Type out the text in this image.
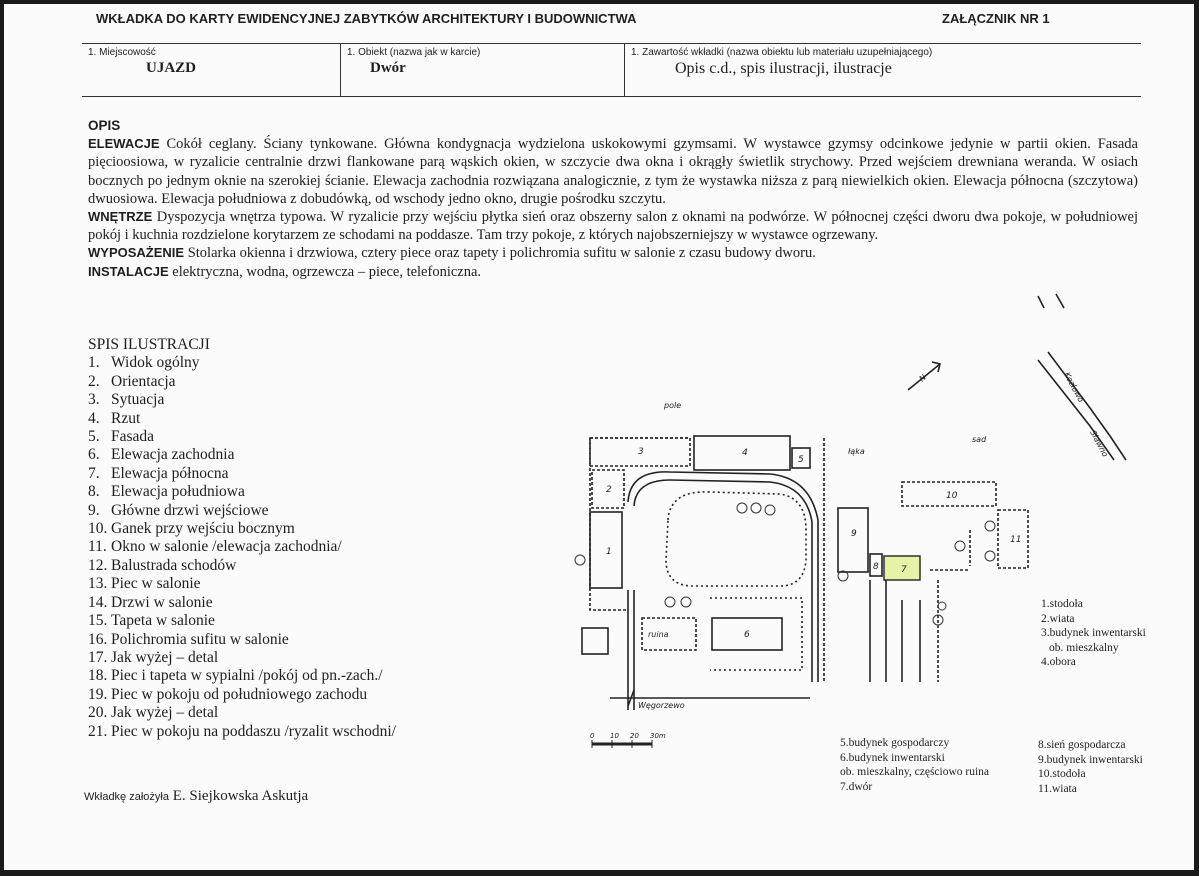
WKŁADKA DO KARTY EWIDENCYJNEJ ZABYTKÓW ARCHITEKTURY I BUDOWNICTWA	ZAŁĄCZNIK NR 1
1. Miejscowość
UJAZD
1. Obiekt (nazwa jak w karcie)
Dwór
1. Zawartość wkładki (nazwa obiektu lub materiału uzupełniającego)
Opis c.d., spis ilustracji, ilustracje
OPIS

ELEWACJE Cokół ceglany. Ściany tynkowane. Główna kondygnacja wydzielona uskokowymi gzymsami. W wystawce gzymsy odcinkowe jedynie w partii okien. Fasada pięcioosiowa, w ryzalicie centralnie drzwi flankowane parą wąskich okien, w szczycie dwa okna i okrągły świetlik strychowy. Przed wejściem drewniana weranda. W osiach bocznych po jednym oknie na szerokiej ścianie. Elewacja zachodnia rozwiązana analogicznie, z tym że wystawka niższa z parą niewielkich okien. Elewacja północna (szczytowa) dwuosiowa. Elewacja południowa z dobudówką, od wschody jedno okno, drugie pośrodku szczytu.

WNĘTRZE Dyspozycja wnętrza typowa. W ryzalicie przy wejściu płytka sień oraz obszerny salon z oknami na podwórze. W północnej części dworu dwa pokoje, w południowej pokój i kuchnia rozdzielone korytarzem ze schodami na poddasze. Tam trzy pokoje, z których najobszerniejszy w wystawce ogrzewany.

WYPOSAŻENIE Stolarka okienna i drzwiowa, cztery piece oraz tapety i polichromia sufitu w salonie z czasu budowy dworu.

INSTALACJE elektryczna, wodna, ogrzewcza – piece, telefoniczna.

SPIS ILUSTRACJI
1. Widok ogólny
2. Orientacja
3. Sytuacja
4. Rzut
5. Fasada
6. Elewacja zachodnia
7. Elewacja północna
8. Elewacja południowa
9. Główne drzwi wejściowe
10. Ganek przy wejściu bocznym
11. Okno w salonie /elewacja zachodnia/
12. Balustrada schodów
13. Piec w salonie
14. Drzwi w salonie
15. Tapeta w salonie
16. Polichromia sufitu w salonie
17. Jak wyżej – detal
18. Piec i tapeta w sypialni /pokój od pn.-zach./
19. Piec w pokoju od południowego zachodu
20. Jak wyżej – detal
21. Piec w pokoju na poddaszu /ryzalit wschodni/
Wkładkę założyła E. Siejkowska Askutja
pole
łąka
sad
Kozłowo
Sławno
Węgorzewo
ruina
N
1
2
3	4
5
6
7
8
9
10
11
0 10 20 30m
1.stodoła
2.wiata
3.budynek inwentarski
ob. mieszkalny
4.obora
5.budynek gospodarczy
6.budynek inwentarski
ob. mieszkalny, częściowo ruina
7.dwór
8.sień gospodarcza
9.budynek inwentarski
10.stodoła
11.wiata
